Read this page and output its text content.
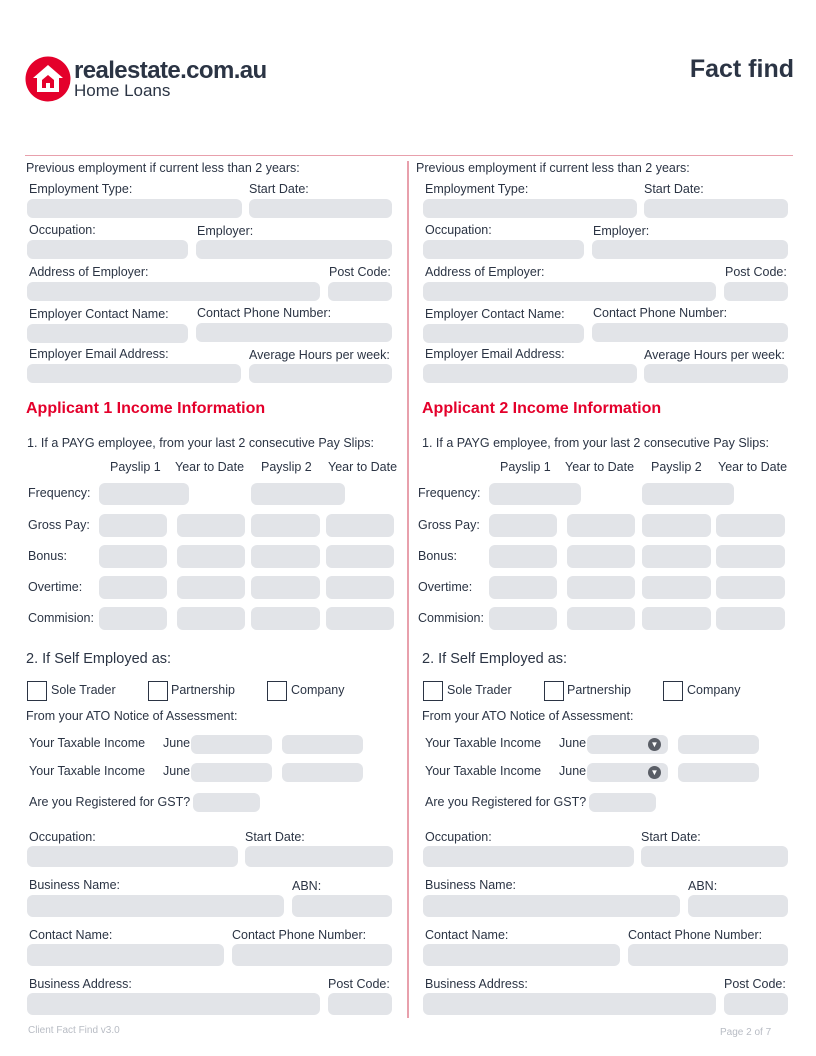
realestate.com.au
Home Loans
Fact find
Previous employment if current less than 2 years:
Employment Type:	Start Date:
Occupation:	Employer:
Address of Employer:	Post Code:
Employer Contact Name: Contact Phone Number:
Employer Email Address:	Average Hours per week:
Applicant 1 Income Information
1. If a PAYG employee, from your last 2 consecutive Pay Slips:
Payslip 1 Year to Date Payslip 2 Year to Date
Frequency:
Gross Pay:
Bonus:
Overtime:
Commision:
2. If Self Employed as:
Sole Trader	Partnership	Company
From your ATO Notice of Assessment:
Your Taxable Income June
Your Taxable Income June
Are you Registered for GST?
Occupation:	Start Date:
Business Name:	ABN:
Contact Name:	Contact Phone Number:
Business Address:	Post Code:
Previous employment if current less than 2 years:
Employment Type:	Start Date:
Occupation:	Employer:
Address of Employer:	Post Code:
Employer Contact Name: Contact Phone Number:
Employer Email Address:	Average Hours per week:
Applicant 2 Income Information
1. If a PAYG employee, from your last 2 consecutive Pay Slips:
Payslip 1 Year to Date Payslip 2 Year to Date
Frequency:
Gross Pay:
Bonus:
Overtime:
Commision:
2. If Self Employed as:
Sole Trader	Partnership	Company
From your ATO Notice of Assessment:
Your Taxable Income June	▼
Your Taxable Income June	▼
Are you Registered for GST?
Occupation:	Start Date:
Business Name:	ABN:
Contact Name:	Contact Phone Number:
Business Address:	Post Code:
Client Fact Find v3.0	Page 2 of 7
